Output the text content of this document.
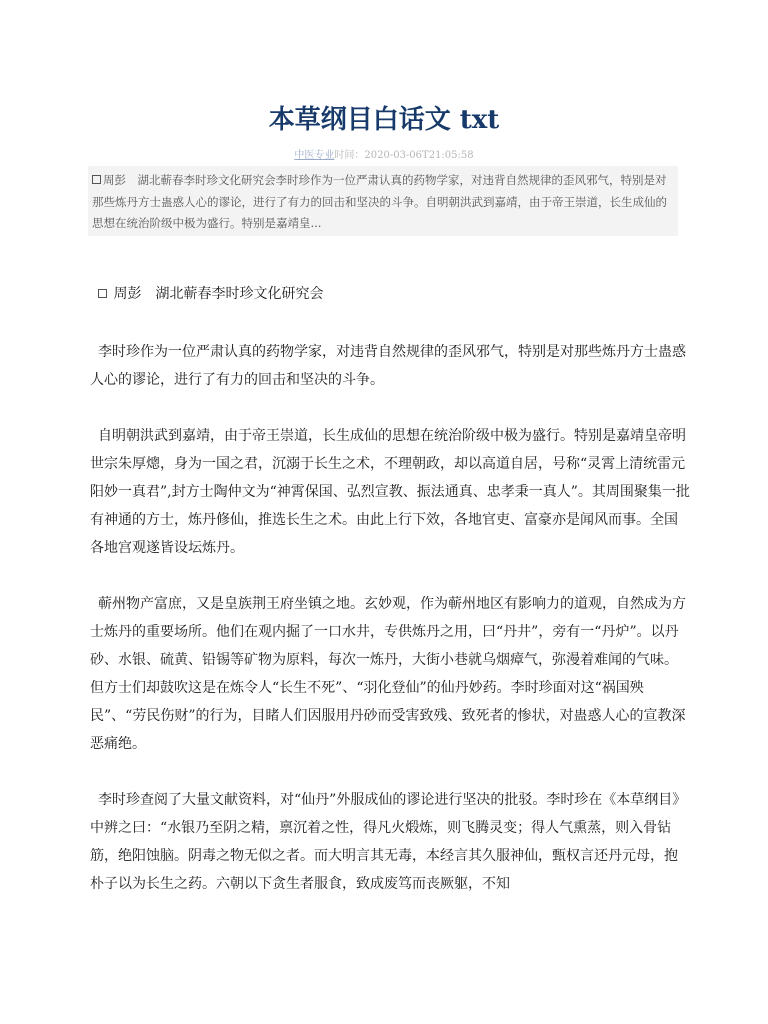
本草纲目白话文 txt
中医专业时间：2020-03-06T21:05:58
周彭　湖北蕲春李时珍文化研究会李时珍作为一位严肃认真的药物学家，对违背自然规律的歪风邪气，特别是对那些炼丹方士蛊惑人心的谬论，进行了有力的回击和坚决的斗争。自明朝洪武到嘉靖，由于帝王崇道，长生成仙的思想在统治阶级中极为盛行。特别是嘉靖皇...

周彭　湖北蕲春李时珍文化研究会

李时珍作为一位严肃认真的药物学家，对违背自然规律的歪风邪气，特别是对那些炼丹方士蛊惑人心的谬论，进行了有力的回击和坚决的斗争。

自明朝洪武到嘉靖，由于帝王崇道，长生成仙的思想在统治阶级中极为盛行。特别是嘉靖皇帝明世宗朱厚熜，身为一国之君，沉溺于长生之术，不理朝政，却以高道自居，号称“灵霄上清统雷元阳妙一真君”,封方士陶仲文为“神霄保国、弘烈宣教、振法通真、忠孝秉一真人”。其周围聚集一批有神通的方士，炼丹修仙，推选长生之术。由此上行下效，各地官吏、富豪亦是闻风而事。全国各地宫观遂皆设坛炼丹。

蕲州物产富庶，又是皇族荆王府坐镇之地。玄妙观，作为蕲州地区有影响力的道观，自然成为方士炼丹的重要场所。他们在观内掘了一口水井，专供炼丹之用，曰“丹井”，旁有一“丹炉”。以丹砂、水银、硫黄、铅锡等矿物为原料，每次一炼丹，大街小巷就乌烟瘴气，弥漫着难闻的气味。但方士们却鼓吹这是在炼令人“长生不死”、“羽化登仙”的仙丹妙药。李时珍面对这“祸国殃民”、“劳民伤财”的行为，目睹人们因服用丹砂而受害致残、致死者的惨状，对蛊惑人心的宣教深恶痛绝。

李时珍查阅了大量文献资料，对“仙丹”外服成仙的谬论进行坚决的批驳。李时珍在《本草纲目》中辨之曰：“水银乃至阴之精，禀沉着之性，得凡火煅炼，则飞腾灵变；得人气熏蒸，则入骨钻筋，绝阳蚀脑。阴毒之物无似之者。而大明言其无毒，本经言其久服神仙，甄权言还丹元母，抱朴子以为长生之药。六朝以下贪生者服食，致成废笃而丧厥躯，不知
